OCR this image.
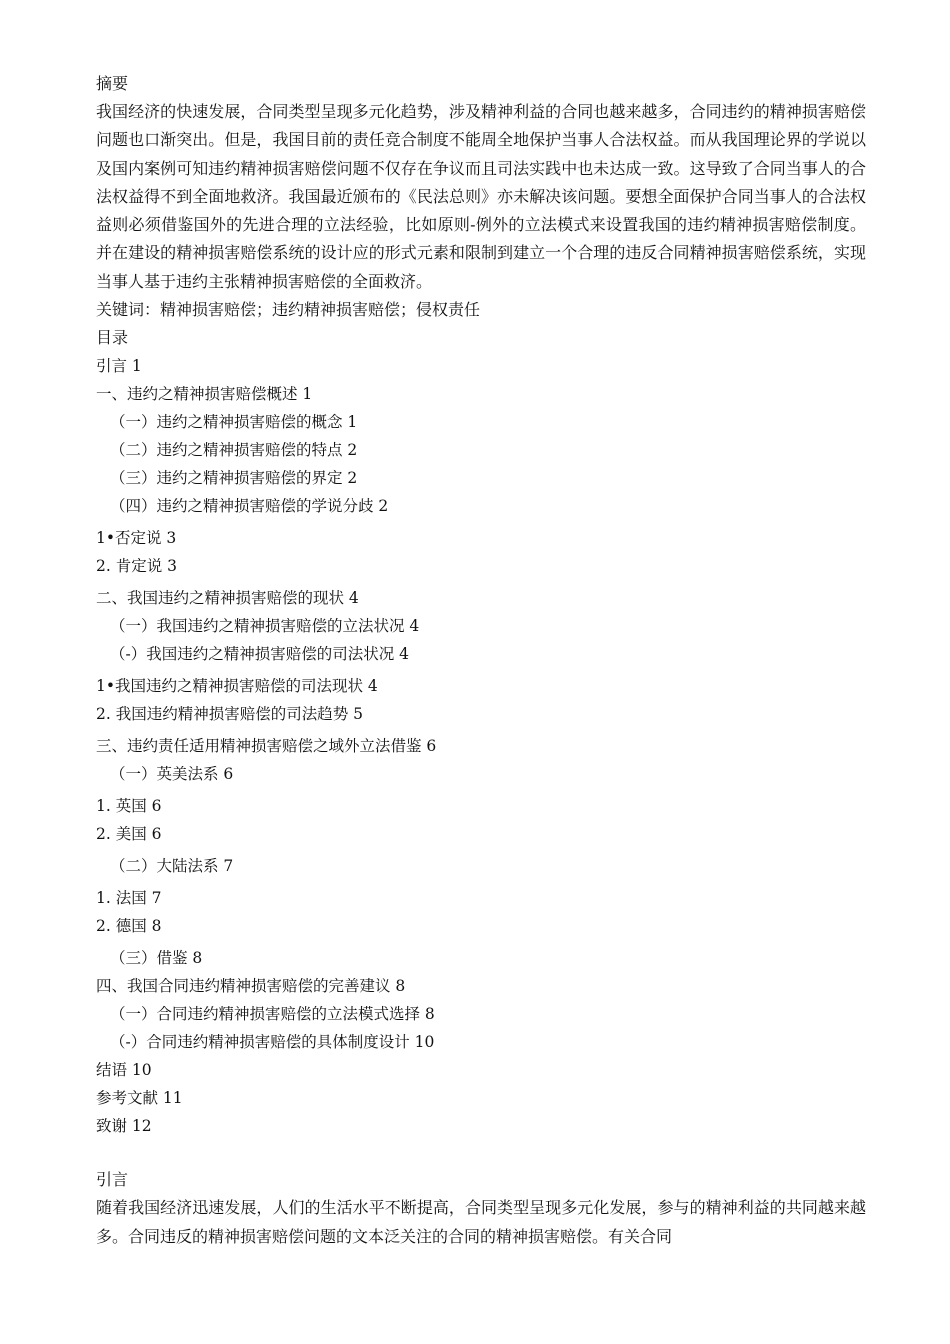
摘要

我国经济的快速发展，合同类型呈现多元化趋势，涉及精神利益的合同也越来越多，合同违约的精神损害赔偿问题也口渐突出。但是，我国目前的责任竞合制度不能周全地保护当事人合法权益。而从我国理论界的学说以及国内案例可知违约精神损害赔偿问题不仅存在争议而且司法实践中也未达成一致。这导致了合同当事人的合法权益得不到全面地救济。我国最近颁布的《民法总则》亦未解决该问题。要想全面保护合同当事人的合法权益则必须借鉴国外的先进合理的立法经验，比如原则-例外的立法模式来设置我国的违约精神损害赔偿制度。并在建设的精神损害赔偿系统的设计应的形式元素和限制到建立一个合理的违反合同精神损害赔偿系统，实现当事人基于违约主张精神损害赔偿的全面救济。

关键词：精神损害赔偿；违约精神损害赔偿；侵权责任
目录
引言 1
一、违约之精神损害赔偿概述 1
（一）违约之精神损害赔偿的概念 1
（二）违约之精神损害赔偿的特点 2
（三）违约之精神损害赔偿的界定 2
（四）违约之精神损害赔偿的学说分歧 2
1•否定说 3
2. 肯定说 3
二、我国违约之精神损害赔偿的现状 4
（一）我国违约之精神损害赔偿的立法状况 4
（-）我国违约之精神损害赔偿的司法状况 4
1•我国违约之精神损害赔偿的司法现状 4
2. 我国违约精神损害赔偿的司法趋势 5
三、违约责任适用精神损害赔偿之域外立法借鉴 6
（一）英美法系 6
1. 英国 6
2. 美国 6
（二）大陆法系 7
1. 法国 7
2. 德国 8
（三）借鉴 8
四、我国合同违约精神损害赔偿的完善建议 8
（一）合同违约精神损害赔偿的立法模式选择 8
（-）合同违约精神损害赔偿的具体制度设计 10
结语 10
参考文献 11
致谢 12
引言

随着我国经济迅速发展，人们的生活水平不断提高，合同类型呈现多元化发展，参与的精神利益的共同越来越多。合同违反的精神损害赔偿问题的文本泛关注的合同的精神损害赔偿。有关合同
